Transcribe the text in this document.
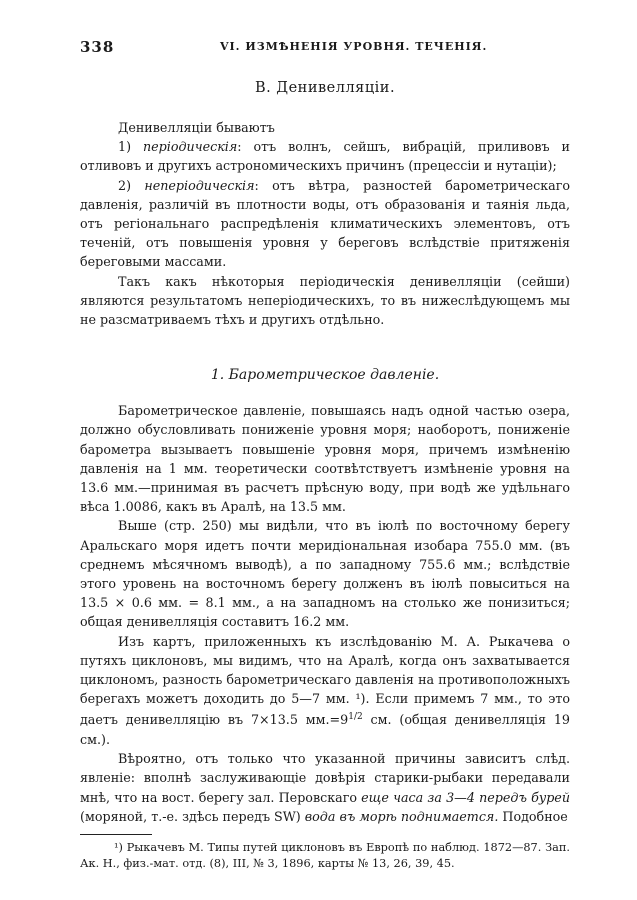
338	VI. ИЗМѢНЕНІЯ УРОВНЯ. ТЕЧЕНІЯ.
В. Денивелляціи.

Денивелляціи бываютъ

1) періодическія: отъ волнъ, сейшъ, вибрацій, приливовъ и отливовъ и другихъ астрономическихъ причинъ (прецессіи и нутаціи);

2) непеpiодическія: отъ вѣтра, разностей барометрическаго давленія, различій въ плотности воды, отъ образованія и таянія льда, отъ регіональнаго распредѣленія климатическихъ элементовъ, отъ теченій, отъ повышенія уровня у береговъ вслѣдствіе притяженія береговыми массами.

Такъ какъ нѣкоторыя періодическія денивелляціи (сейши) являются результатомъ непеpiодическихъ, то въ нижеслѣдующемъ мы не разсматриваемъ тѣхъ и другихъ отдѣльно.

1. Барометрическое давленіе.

Барометрическое давленіе, повышаясь надъ одной частью озера, должно обусловливать пониженіе уровня моря; наоборотъ, пониженіе барометра вызываетъ повышеніе уровня моря, причемъ измѣненію давленія на 1 мм. теоретически соотвѣтствуетъ измѣненіе уровня на 13.6 мм.—принимая въ расчетъ прѣсную воду, при водѣ же удѣльнаго вѣса 1.0086, какъ въ Аралѣ, на 13.5 мм.

Выше (стр. 250) мы видѣли, что въ іюлѣ по восточному берегу Аральскаго моря идетъ почти меридіональная изобара 755.0 мм. (въ среднемъ мѣсячномъ выводѣ), а по западному 755.6 мм.; вслѣдствіе этого уровень на восточномъ берегу долженъ въ іюлѣ повыситься на 13.5 × 0.6 мм. = 8.1 мм., а на западномъ на столько же понизиться; общая денивелляція составитъ 16.2 мм.

Изъ картъ, приложенныхъ къ изслѣдованію М. А. Рыкачева о путяхъ циклоновъ, мы видимъ, что на Аралѣ, когда онъ захватывается циклономъ, разность барометрическаго давленія на противоположныхъ берегахъ можетъ доходить до 5—7 мм. ¹). Если примемъ 7 мм., то это даетъ денивелляцію въ 7×13.5 $мм.=9^{1/2}$ см. (общая денивелляція 19 см.).

Вѣроятно, отъ только что указанной причины зависитъ слѣд. явленіе: вполнѣ заслуживающіе довѣрія старики-рыбаки передавали мнѣ, что на вост. берегу зал. Перовскаго еще часа за 3—4 передъ бурей (моряной, т.-е. здѣсь передъ SW) вода въ морѣ поднимается. Подобное

¹) Рыкачевъ М. Типы путей циклоновъ въ Европѣ по наблюд. 1872—87. Зап. Ак. Н., физ.-мат. отд. (8), III, № 3, 1896, карты № 13, 26, 39, 45.
